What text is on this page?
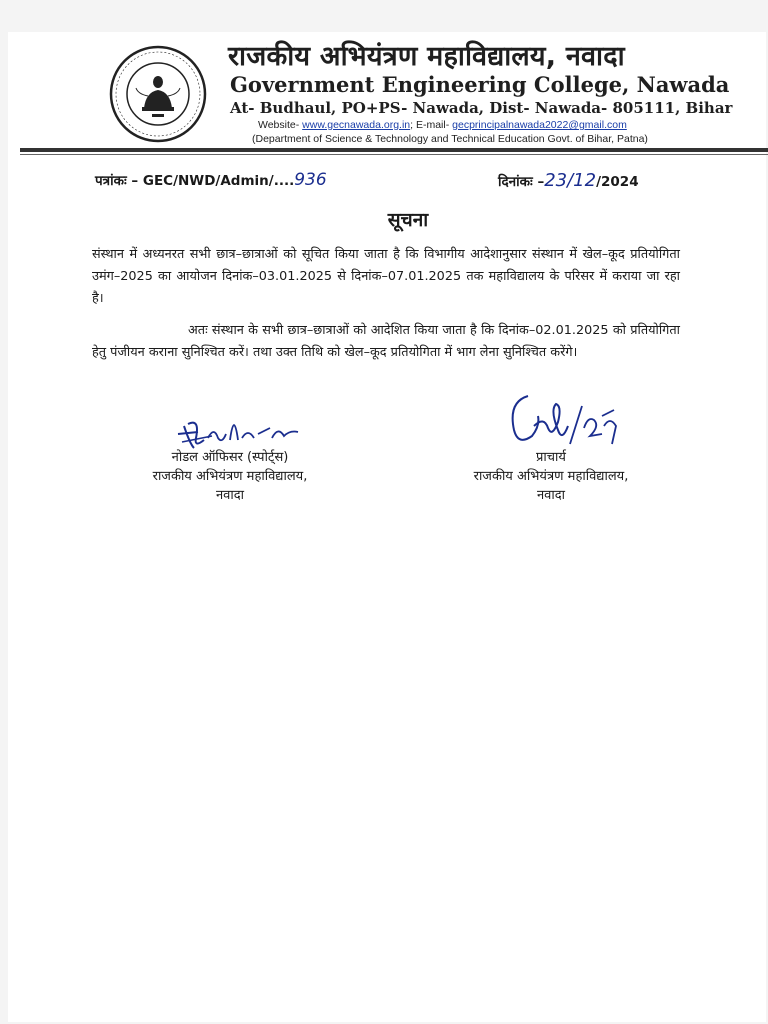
राजकीय अभियंत्रण महाविद्यालय, नवादा
Government Engineering College, Nawada
At- Budhaul, PO+PS- Nawada, Dist- Nawada- 805111, Bihar
Website- www.gecnawada.org.in; E-mail- gecprincipalnawada2022@gmail.com
(Department of Science & Technology and Technical Education Govt. of Bihar, Patna)
पत्रांकः – GEC/NWD/Admin/....936	दिनांकः –23/12/2024
सूचना
संस्थान में अध्यनरत सभी छात्र–छात्राओं को सूचित किया जाता है कि विभागीय आदेशानुसार संस्थान में खेल–कूद प्रतियोगिता उमंग–2025 का आयोजन दिनांक–03.01.2025 से दिनांक–07.01.2025 तक महाविद्यालय के परिसर में कराया जा रहा है।
अतः संस्थान के सभी छात्र–छात्राओं को आदेशित किया जाता है कि दिनांक–02.01.2025 को प्रतियोगिता हेतु पंजीयन कराना सुनिश्चित करें। तथा उक्त तिथि को खेल–कूद प्रतियोगिता में भाग लेना सुनिश्चित करेंगे।
नोडल ऑफिसर (स्पोर्ट्स)
राजकीय अभियंत्रण महाविद्यालय,
नवादा
प्राचार्य
राजकीय अभियंत्रण महाविद्यालय,
नवादा
